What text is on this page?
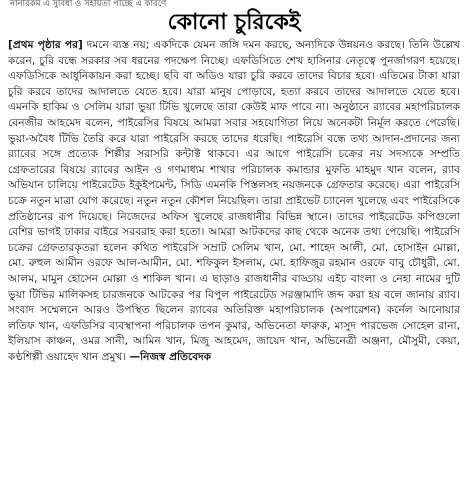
নানারকম এ সুবিধা ও সহায়তা পাচ্ছে এ কারণে
কোনো চুরিকেই

[প্রথম পৃষ্ঠার পর] দমনে ব্যস্ত নয়; একদিকে যেমন জঙ্গি দমন করছে, অন্যদিকে উন্নয়নও করছে। তিনি উল্লেখ করেন, চুরি বন্ধে সরকার সব ধরনের পদক্ষেপ নিচ্ছে। এফডিসিতে শেখ হাসিনার নেতৃত্বে পুনর্জাগরণ হয়েছে। এফডিসিকে আধুনিকায়ন করা হচ্ছে। ছবি বা অডিও যারা চুরি করবে তাদের বিচার হবে। এতিমের টাকা যারা চুরি করবে তাদের আদালতে যেতে হবে। যারা মানুষ পোড়াবে, হত্যা করবে তাদের আদালতে যেতে হবে। এমনকি হাকিম ও সেলিম যারা ভুয়া টিভি খুলেছে তারা কেউই মাফ পাবে না। অনুষ্ঠানে র‍্যাবের মহাপরিচালক বেনজীর আহমেদ বলেন, পাইরেসির বিষয়ে আমরা সবার সহযোগিতা নিয়ে অনেকটা নির্মূল করতে পেরেছি। ভুয়া-অবৈধ টিভি তৈরি করে যারা পাইরেসি করছে তাদের ধরেছি। পাইরেসি বন্ধে তথ্য আদান-প্রদানের জন্য র‍্যাবের সঙ্গে প্রত্যেক শিল্পীর সরাসরি কন্টাক্ট থাকবে। এর আগে পাইরেসি চক্রের নয় সদস্যকে সম্প্রতি গ্রেফতারের বিষয়ে র‍্যাবের আইন ও গণমাধ্যম শাখার পরিচালক কমান্ডার মুফতি মাহমুদ খান বলেন, র‍্যাব অভিযান চালিয়ে পাইরেটেড ইকুইপমেন্ট, সিডি এমনকি পিস্তলসহ নয়জনকে গ্রেফতার করেছে। এরা পাইরেসি চক্রে নতুন মাত্রা যোগ করেছে। নতুন নতুন কৌশল নিয়েছিল। তারা প্রাইভেট চ্যানেল খুলেছে এবং পাইরেসিকে প্রতিষ্ঠানের রূপ দিয়েছে। নিজেদের অফিস খুলেছে রাজধানীর বিভিন্ন স্থানে। তাদের পাইরেটেড কপিগুলো বেশির ভাগই ঢাকার বাইরে সরবরাহ করা হতো। আমরা আটকদের কাছ থেকে অনেক তথ্য পেয়েছি। পাইরেসি চক্রের গ্রেফতারকৃতরা হলেন কথিত পাইরেসি সম্রাট সেলিম খান, মো. শাহেদ আলী, মো. হোসাইন মোল্লা, মো. রুহুল আমীন ওরফে আল-আমীন, মো. শফিকুল ইসলাম, মো. হাফিজুর রহমান ওরফে বাবু চৌধুরী, মো. আলম, মামুন হোসেন মোল্লা ও শাকিল খান। এ ছাড়াও রাজধানীর বাড্ডায় এইচ বাংলা ও নেহা নামের দুটি ভুয়া টিভির মালিকসহ চারজনকে আটকের পর বিপুল পাইরেটেড সরঞ্জামাদি জব্দ করা হয় বলে জানায় র‍্যাব। সংবাদ সম্মেলনে আরও উপস্থিত ছিলেন র‍্যাবের অতিরিক্ত মহাপরিচালক (অপারেশন) কর্নেল আনোয়ার লতিফ খান, এফডিসির ব্যবস্থাপনা পরিচালক তপন কুমার, অভিনেতা ফারুক, মাসুদ পারভেজ সোহেল রানা, ইলিয়াস কাঞ্চন, ওমর সানী, আমিন খান, মিজু আহমেদ, জায়েদ খান, অভিনেত্রী অঞ্জনা, মৌসুমী, কেয়া, কণ্ঠশিল্পী ওয়াহেদ খান প্রমুখ। —নিজস্ব প্রতিবেদক
